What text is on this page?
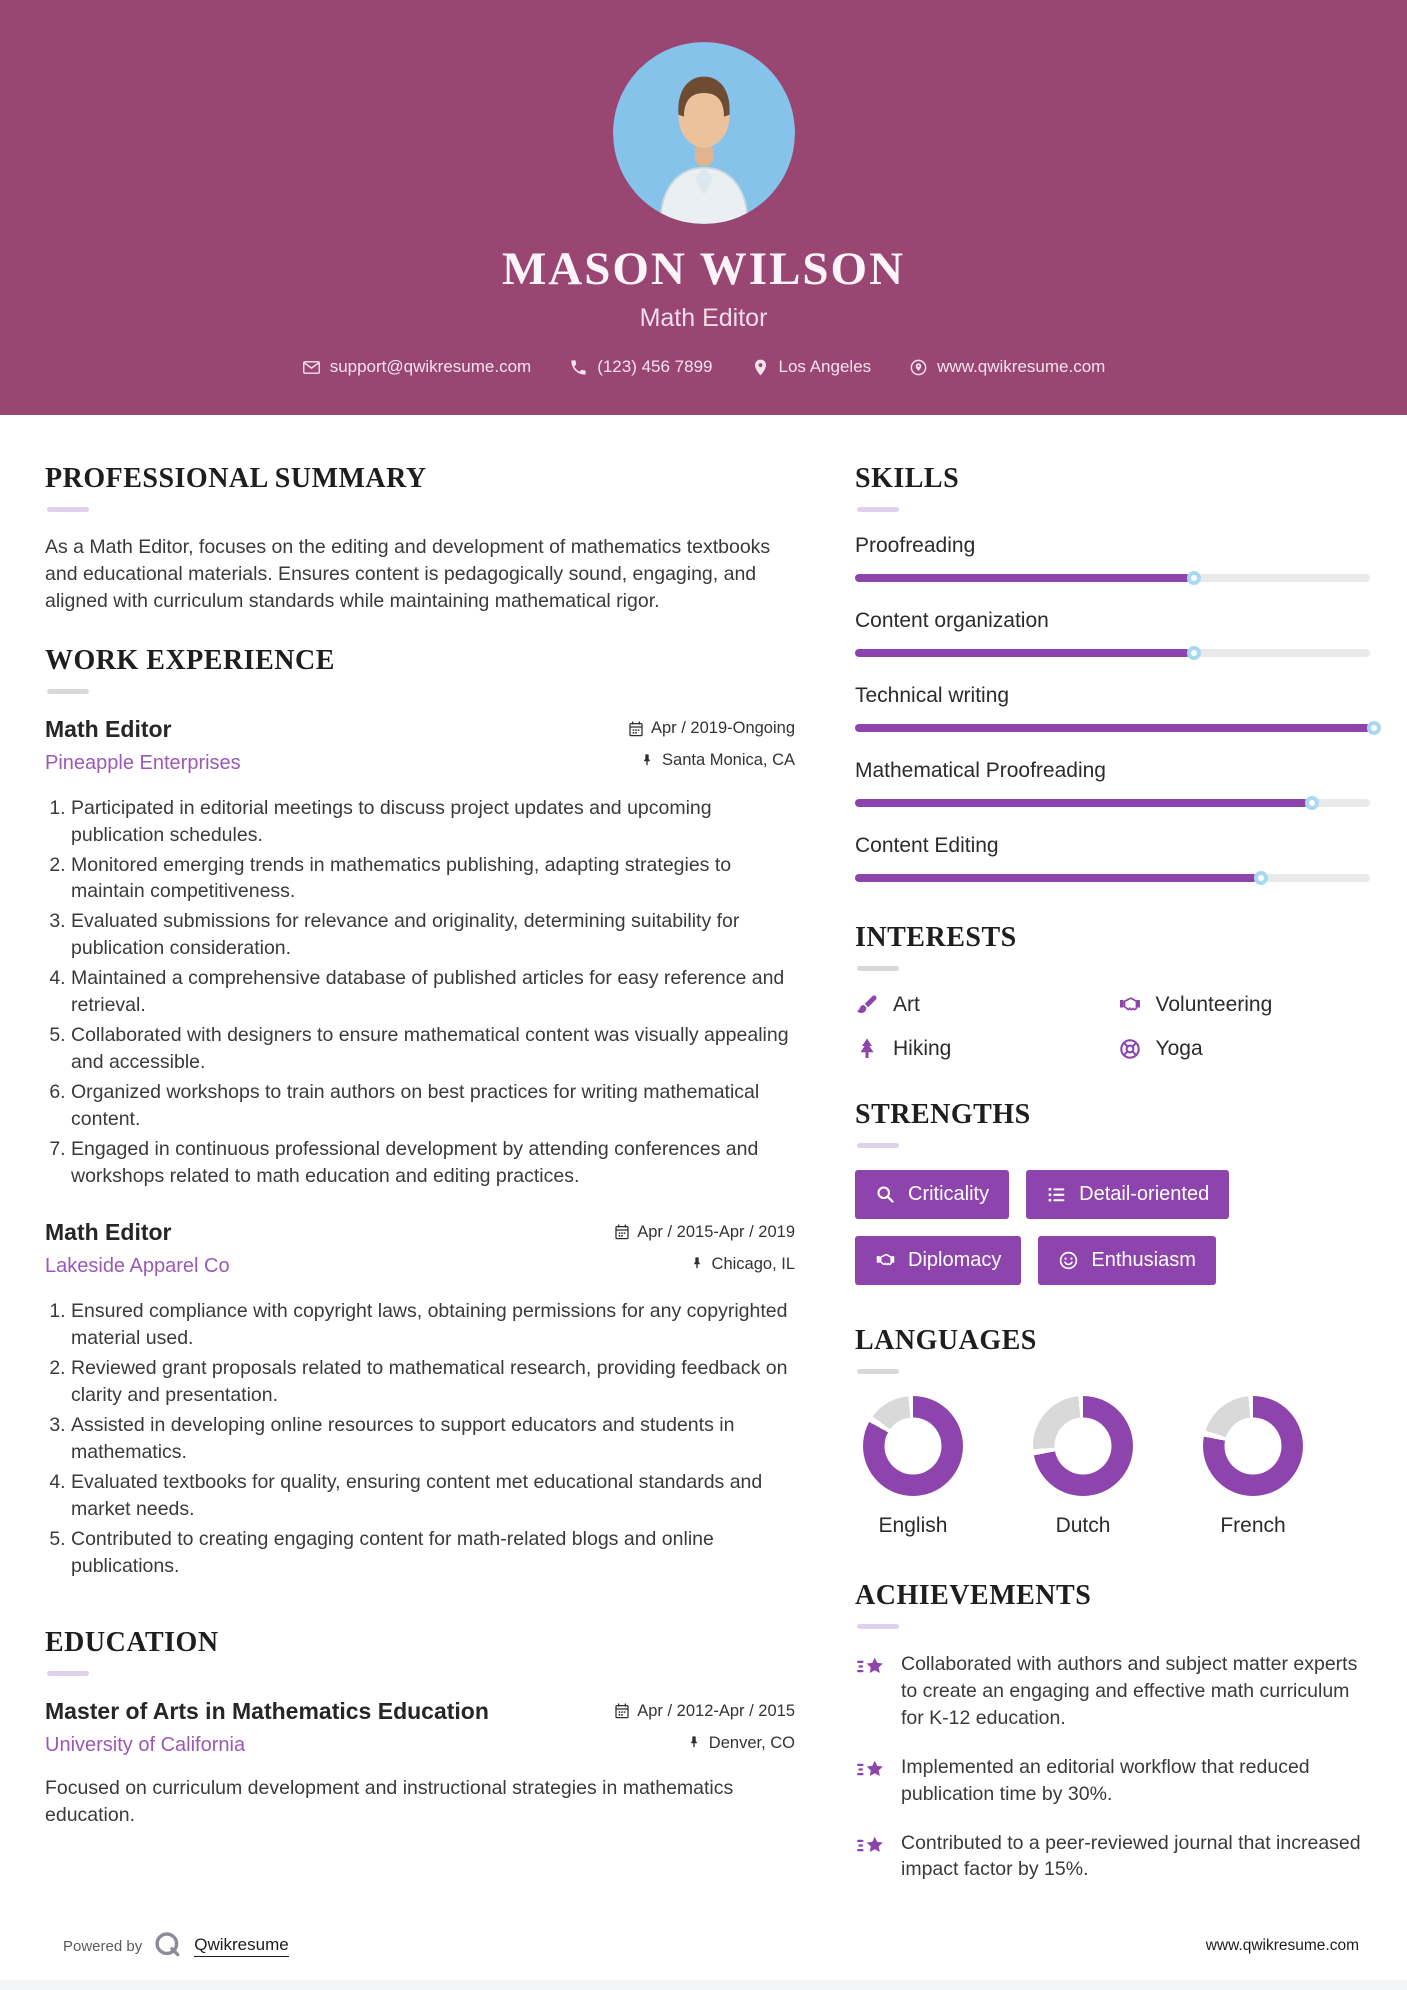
MASON WILSON
Math Editor
support@qwikresume.com	(123) 456 7899	Los Angeles	www.qwikresume.com
PROFESSIONAL SUMMARY

As a Math Editor, focuses on the editing and development of mathematics textbooks and educational materials. Ensures content is pedagogically sound, engaging, and aligned with curriculum standards while maintaining mathematical rigor.

WORK EXPERIENCE
Math Editor	Apr / 2019-Ongoing
Pineapple Enterprises	Santa Monica, CA
1. Participated in editorial meetings to discuss project updates and upcoming publication schedules.
2. Monitored emerging trends in mathematics publishing, adapting strategies to maintain competitiveness.
3. Evaluated submissions for relevance and originality, determining suitability for publication consideration.
4. Maintained a comprehensive database of published articles for easy reference and retrieval.
5. Collaborated with designers to ensure mathematical content was visually appealing and accessible.
6. Organized workshops to train authors on best practices for writing mathematical content.
7. Engaged in continuous professional development by attending conferences and workshops related to math education and editing practices.
Math Editor	Apr / 2015-Apr / 2019
Lakeside Apparel Co	Chicago, IL
1. Ensured compliance with copyright laws, obtaining permissions for any copyrighted material used.
2. Reviewed grant proposals related to mathematical research, providing feedback on clarity and presentation.
3. Assisted in developing online resources to support educators and students in mathematics.
4. Evaluated textbooks for quality, ensuring content met educational standards and market needs.
5. Contributed to creating engaging content for math-related blogs and online publications.
EDUCATION
Master of Arts in Mathematics Education	Apr / 2012-Apr / 2015
University of California	Denver, CO

Focused on curriculum development and instructional strategies in mathematics education.

SKILLS
Proofreading
Content organization
Technical writing
Mathematical Proofreading
Content Editing
INTERESTS
Art	Volunteering
Hiking	Yoga
STRENGTHS
Criticality	Detail-oriented
Diplomacy	Enthusiasm
LANGUAGES
English	Dutch	French
ACHIEVEMENTS
Collaborated with authors and subject matter experts to create an engaging and effective math curriculum for K-12 education.
Implemented an editorial workflow that reduced publication time by 30%.
Contributed to a peer-reviewed journal that increased impact factor by 15%.
Powered by	Qwikresume	www.qwikresume.com
